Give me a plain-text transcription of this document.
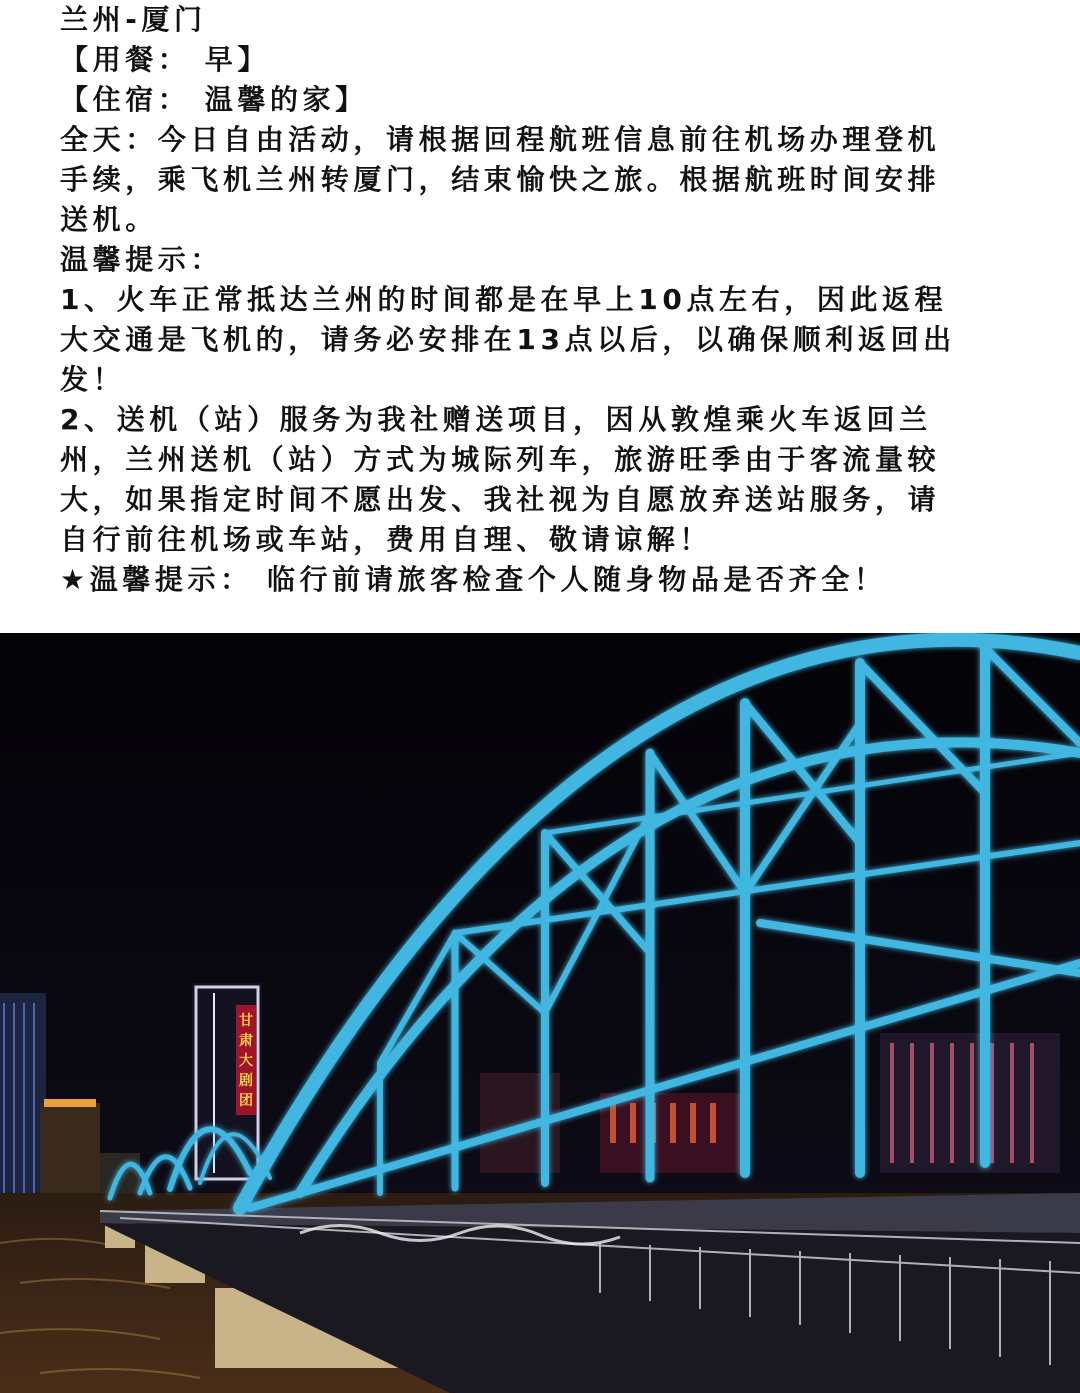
兰州-厦门
【用餐： 早】
【住宿： 温馨的家】
全天：今日自由活动，请根据回程航班信息前往机场办理登机
手续，乘飞机兰州转厦门，结束愉快之旅。根据航班时间安排
送机。
温馨提示：
1、火车正常抵达兰州的时间都是在早上10点左右，因此返程
大交通是飞机的，请务必安排在13点以后，以确保顺利返回出
发！
2、送机（站）服务为我社赠送项目，因从敦煌乘火车返回兰
州，兰州送机（站）方式为城际列车，旅游旺季由于客流量较
大，如果指定时间不愿出发、我社视为自愿放弃送站服务，请
自行前往机场或车站，费用自理、敬请谅解！
★温馨提示： 临行前请旅客检查个人随身物品是否齐全！
甘
肃
大
剧
团
